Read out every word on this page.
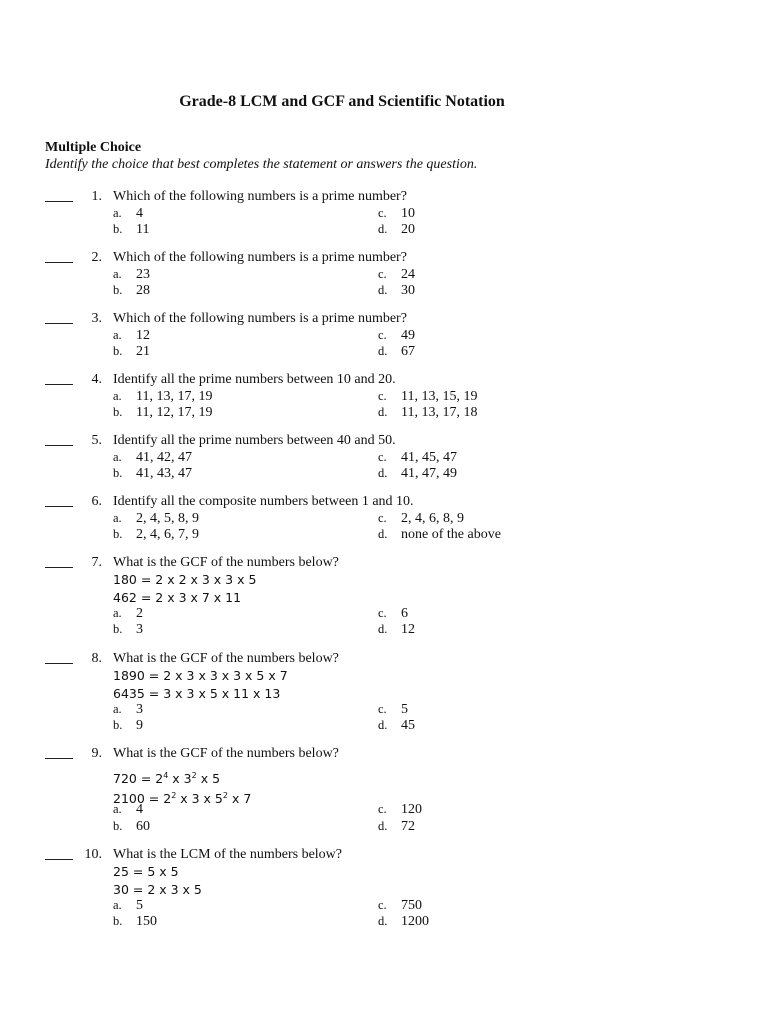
Grade-8 LCM and GCF and Scientific Notation
Multiple Choice
Identify the choice that best completes the statement or answers the question.
1. Which of the following numbers is a prime number?
a. 4
b. 11
c. 10
d. 20
2. Which of the following numbers is a prime number?
a. 23
b. 28
c. 24
d. 30
3. Which of the following numbers is a prime number?
a. 12
b. 21
c. 49
d. 67
4. Identify all the prime numbers between 10 and 20.
a. 11, 13, 17, 19
b. 11, 12, 17, 19
c. 11, 13, 15, 19
d. 11, 13, 17, 18
5. Identify all the prime numbers between 40 and 50.
a. 41, 42, 47
b. 41, 43, 47
c. 41, 45, 47
d. 41, 47, 49
6. Identify all the composite numbers between 1 and 10.
a. 2, 4, 5, 8, 9
b. 2, 4, 6, 7, 9
c. 2, 4, 6, 8, 9
d. none of the above
7. What is the GCF of the numbers below?
180 = 2 x 2 x 3 x 3 x 5
462 = 2 x 3 x 7 x 11
a. 2
b. 3
c. 6
d. 12
8. What is the GCF of the numbers below?
1890 = 2 x 3 x 3 x 3 x 5 x 7
6435 = 3 x 3 x 5 x 11 x 13
a. 3
b. 9
c. 5
d. 45
9. What is the GCF of the numbers below?
$720 = 2^4$ x $3^2$ x 5
$2100 = 2^2$ x 3 x $5^2$ x 7
a. 4
b. 60
c. 120
d. 72
10. What is the LCM of the numbers below?
25 = 5 x 5
30 = 2 x 3 x 5
a. 5
b. 150
c. 750
d. 1200
